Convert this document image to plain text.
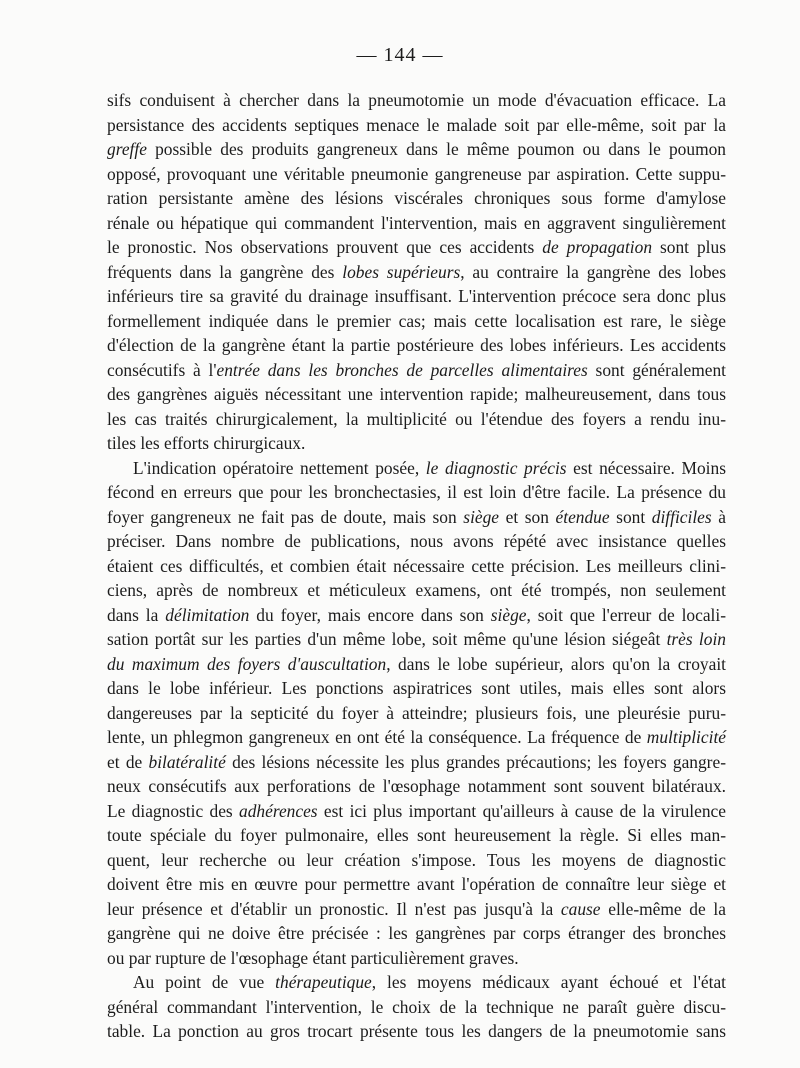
— 144 —
sifs conduisent à chercher dans la pneumotomie un mode d'évacuation efficace. La
persistance des accidents septiques menace le malade soit par elle-même, soit par la
greffe possible des produits gangreneux dans le même poumon ou dans le poumon
opposé, provoquant une véritable pneumonie gangreneuse par aspiration. Cette suppu-
ration persistante amène des lésions viscérales chroniques sous forme d'amylose
rénale ou hépatique qui commandent l'intervention, mais en aggravent singulièrement
le pronostic. Nos observations prouvent que ces accidents de propagation sont plus
fréquents dans la gangrène des lobes supérieurs, au contraire la gangrène des lobes
inférieurs tire sa gravité du drainage insuffisant. L'intervention précoce sera donc plus
formellement indiquée dans le premier cas; mais cette localisation est rare, le siège
d'élection de la gangrène étant la partie postérieure des lobes inférieurs. Les accidents
consécutifs à l'entrée dans les bronches de parcelles alimentaires sont généralement
des gangrènes aiguës nécessitant une intervention rapide; malheureusement, dans tous
les cas traités chirurgicalement, la multiplicité ou l'étendue des foyers a rendu inu-
tiles les efforts chirurgicaux.
L'indication opératoire nettement posée, le diagnostic précis est nécessaire. Moins
fécond en erreurs que pour les bronchectasies, il est loin d'être facile. La présence du
foyer gangreneux ne fait pas de doute, mais son siège et son étendue sont difficiles à
préciser. Dans nombre de publications, nous avons répété avec insistance quelles
étaient ces difficultés, et combien était nécessaire cette précision. Les meilleurs clini-
ciens, après de nombreux et méticuleux examens, ont été trompés, non seulement
dans la délimitation du foyer, mais encore dans son siège, soit que l'erreur de locali-
sation portât sur les parties d'un même lobe, soit même qu'une lésion siégeât très loin
du maximum des foyers d'auscultation, dans le lobe supérieur, alors qu'on la croyait
dans le lobe inférieur. Les ponctions aspiratrices sont utiles, mais elles sont alors
dangereuses par la septicité du foyer à atteindre; plusieurs fois, une pleurésie puru-
lente, un phlegmon gangreneux en ont été la conséquence. La fréquence de multiplicité
et de bilatéralité des lésions nécessite les plus grandes précautions; les foyers gangre-
neux consécutifs aux perforations de l'œsophage notamment sont souvent bilatéraux.
Le diagnostic des adhérences est ici plus important qu'ailleurs à cause de la virulence
toute spéciale du foyer pulmonaire, elles sont heureusement la règle. Si elles man-
quent, leur recherche ou leur création s'impose. Tous les moyens de diagnostic
doivent être mis en œuvre pour permettre avant l'opération de connaître leur siège et
leur présence et d'établir un pronostic. Il n'est pas jusqu'à la cause elle-même de la
gangrène qui ne doive être précisée : les gangrènes par corps étranger des bronches
ou par rupture de l'œsophage étant particulièrement graves.
Au point de vue thérapeutique, les moyens médicaux ayant échoué et l'état
général commandant l'intervention, le choix de la technique ne paraît guère discu-
table. La ponction au gros trocart présente tous les dangers de la pneumotomie sans
